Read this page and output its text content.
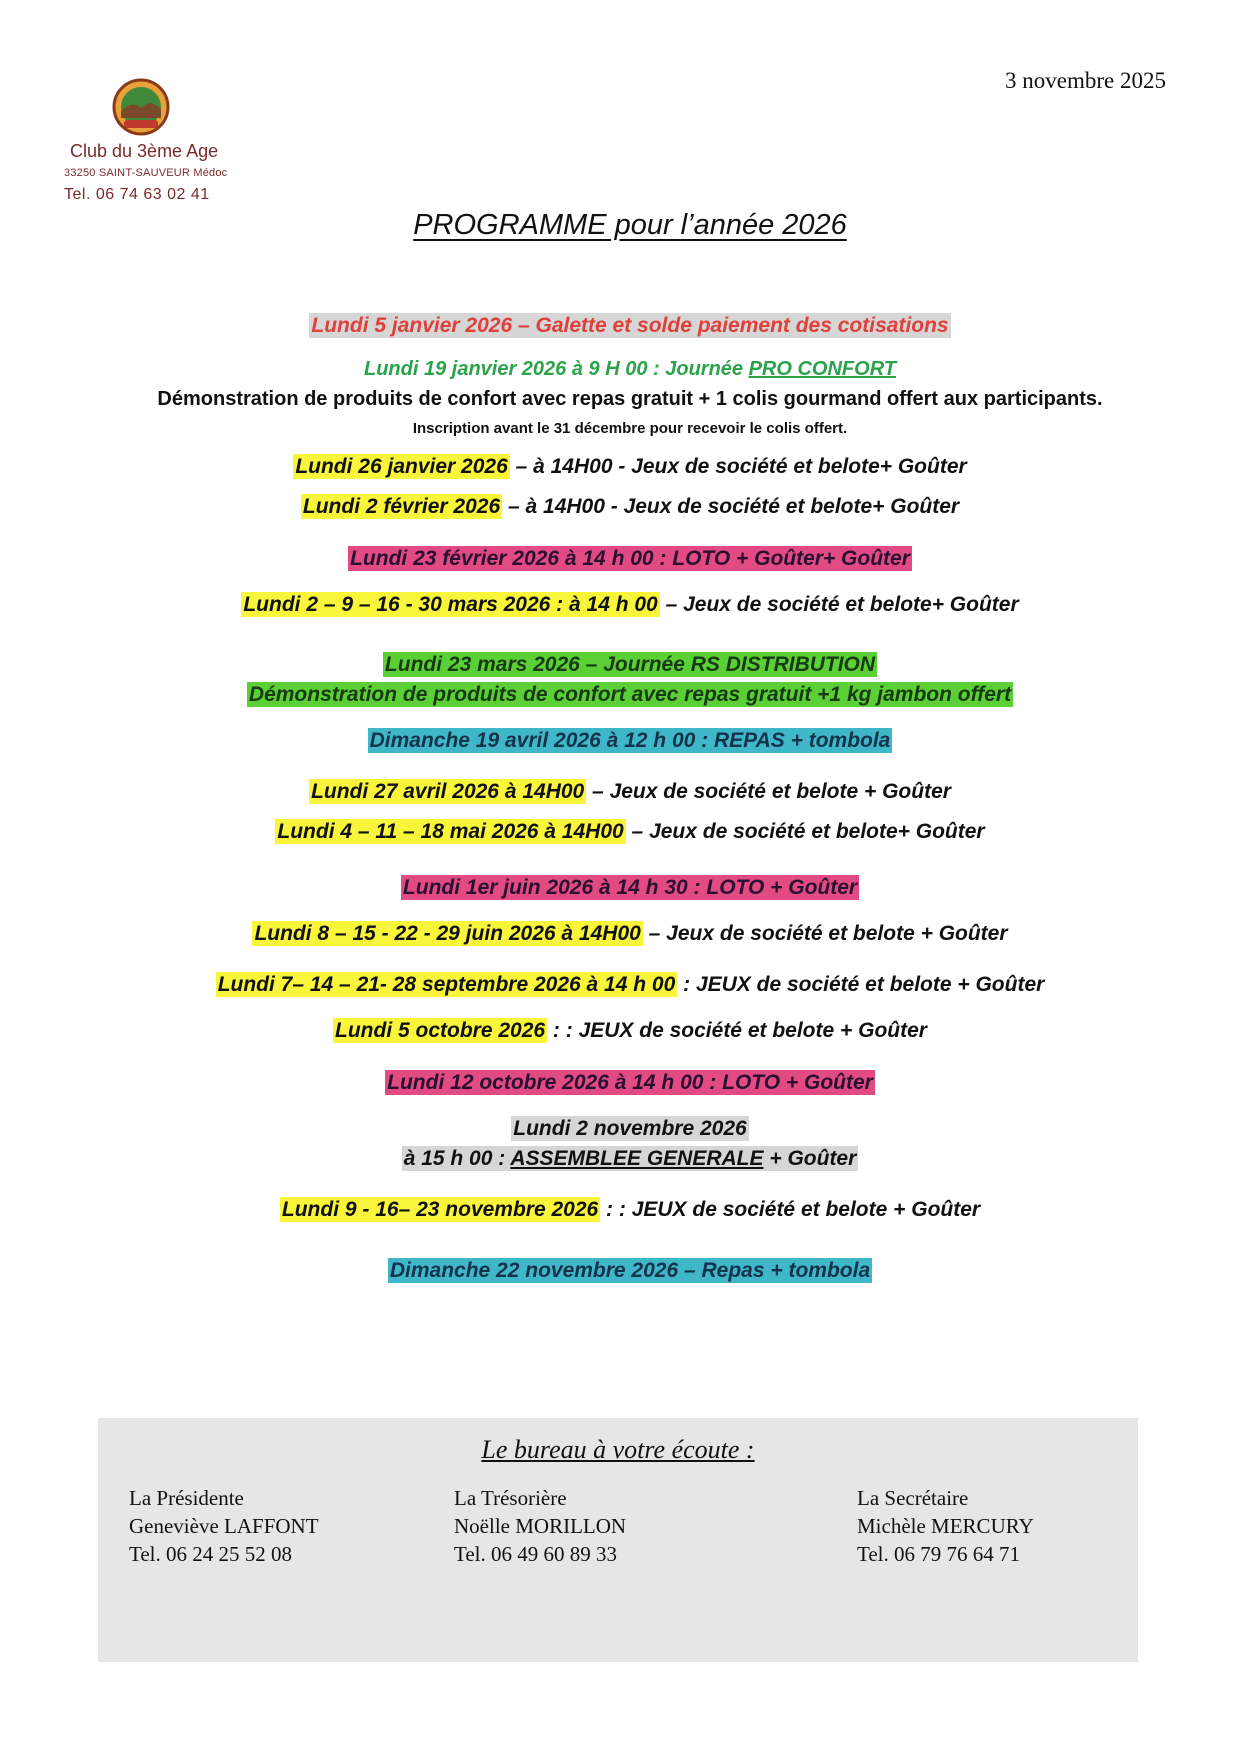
3 novembre 2025
Club du 3ème Age
33250 SAINT-SAUVEUR Médoc
Tel. 06 74 63 02 41
PROGRAMME pour l’année 2026
Lundi 5 janvier 2026 – Galette et solde paiement des cotisations
Lundi 19 janvier 2026 à 9 H 00 : Journée PRO CONFORT
Démonstration de produits de confort avec repas gratuit + 1 colis gourmand offert aux participants.
Inscription avant le 31 décembre pour recevoir le colis offert.
Lundi 26 janvier 2026 – à 14H00 - Jeux de société et belote+ Goûter
Lundi 2 février 2026 – à 14H00 - Jeux de société et belote+ Goûter
Lundi 23 février 2026 à 14 h 00 : LOTO + Goûter+ Goûter
Lundi 2 – 9 – 16 - 30 mars 2026 : à 14 h 00 – Jeux de société et belote+ Goûter
Lundi 23 mars 2026 – Journée RS DISTRIBUTION
Démonstration de produits de confort avec repas gratuit +1 kg jambon offert
Dimanche 19 avril 2026 à 12 h 00 : REPAS + tombola
Lundi 27 avril 2026 à 14H00 – Jeux de société et belote + Goûter
Lundi 4 – 11 – 18 mai 2026 à 14H00 – Jeux de société et belote+ Goûter
Lundi 1er juin 2026 à 14 h 30 : LOTO + Goûter
Lundi 8 – 15 - 22 - 29 juin 2026 à 14H00 – Jeux de société et belote + Goûter
Lundi 7– 14 – 21- 28 septembre 2026 à 14 h 00 : JEUX de société et belote + Goûter
Lundi 5 octobre 2026 : : JEUX de société et belote + Goûter
Lundi 12 octobre 2026 à 14 h 00 : LOTO + Goûter
Lundi 2 novembre 2026
à 15 h 00 : ASSEMBLEE GENERALE + Goûter
Lundi 9 - 16– 23 novembre 2026 : : JEUX de société et belote + Goûter
Dimanche 22 novembre 2026 – Repas + tombola
Le bureau à votre écoute :
La Présidente
Geneviève LAFFONT
Tel. 06 24 25 52 08
La Trésorière
Noëlle MORILLON
Tel. 06 49 60 89 33
La Secrétaire
Michèle MERCURY
Tel. 06 79 76 64 71
